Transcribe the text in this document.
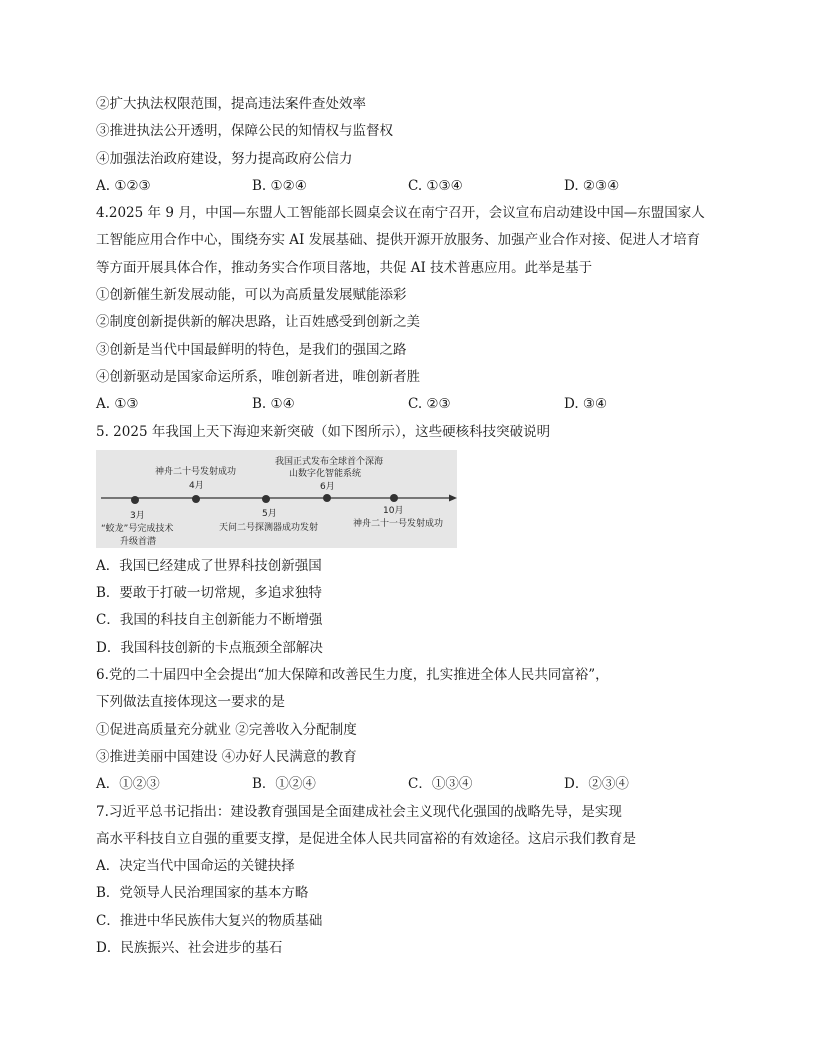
②扩大执法权限范围，提高违法案件查处效率
③推进执法公开透明，保障公民的知情权与监督权
④加强法治政府建设，努力提高政府公信力
A. ①②③	B. ①②④	C. ①③④	D. ②③④
4.2025 年 9 月，中国—东盟人工智能部长圆桌会议在南宁召开，会议宣布启动建设中国—东盟国家人
工智能应用合作中心，围绕夯实 AI 发展基础、提供开源开放服务、加强产业合作对接、促进人才培育
等方面开展具体合作，推动务实合作项目落地，共促 AI 技术普惠应用。此举是基于
①创新催生新发展动能，可以为高质量发展赋能添彩
②制度创新提供新的解决思路，让百姓感受到创新之美
③创新是当代中国最鲜明的特色，是我们的强国之路
④创新驱动是国家命运所系，唯创新者进，唯创新者胜
A. ①③	B. ①④	C. ②③	D. ③④
5. 2025 年我国上天下海迎来新突破（如下图所示），这些硬核科技突破说明
我国正式发布全球首个深海
山数字化智能系统
6月
神舟二十号发射成功
4月
3月
“蛟龙”号完成技术
升级首潜
5月
天问二号探测器成功发射
10月
神舟二十一号发射成功
A．我国已经建成了世界科技创新强国
B．要敢于打破一切常规，多追求独特
C．我国的科技自主创新能力不断增强
D．我国科技创新的卡点瓶颈全部解决
6.党的二十届四中全会提出“加大保障和改善民生力度，扎实推进全体人民共同富裕”，
下列做法直接体现这一要求的是
①促进高质量充分就业 ②完善收入分配制度
③推进美丽中国建设 ④办好人民满意的教育
A．①②③	B．①②④	C．①③④	D．②③④
7.习近平总书记指出：建设教育强国是全面建成社会主义现代化强国的战略先导，是实现
高水平科技自立自强的重要支撑，是促进全体人民共同富裕的有效途径。这启示我们教育是
A．决定当代中国命运的关键抉择
B．党领导人民治理国家的基本方略
C．推进中华民族伟大复兴的物质基础
D．民族振兴、社会进步的基石
